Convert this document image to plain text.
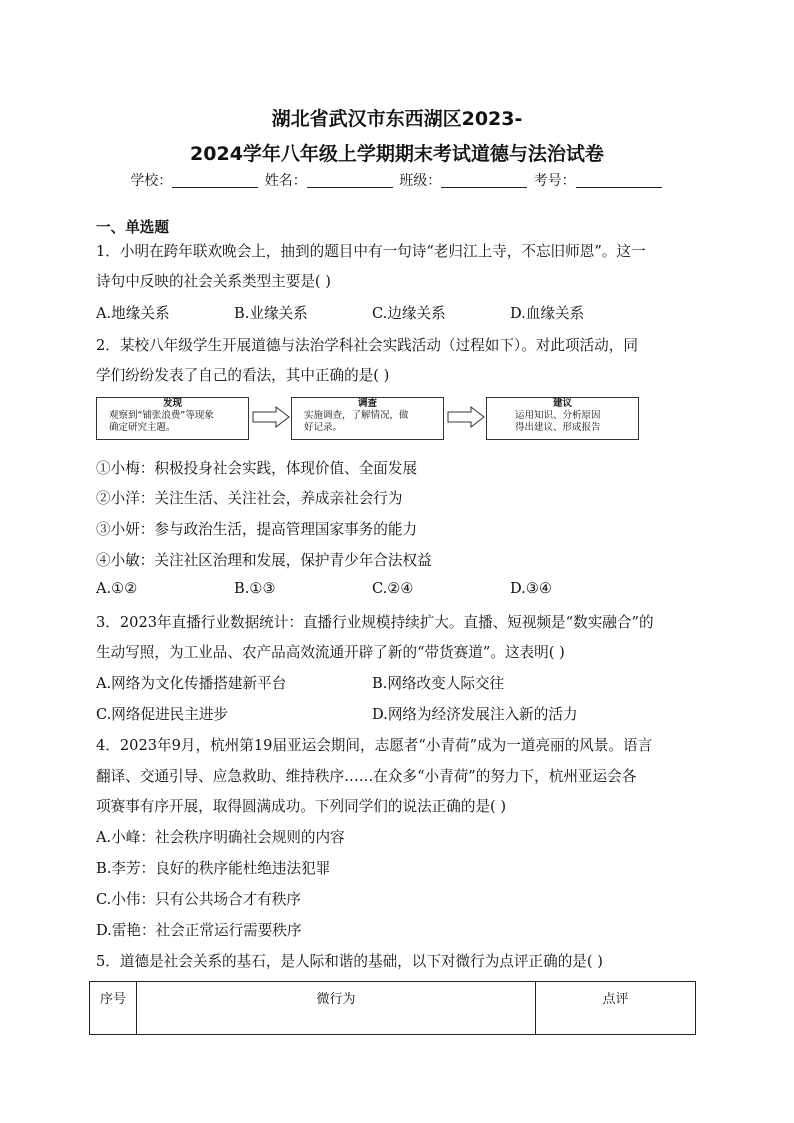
湖北省武汉市东西湖区2023-
2024学年八年级上学期期末考试道德与法治试卷
学校：	姓名：	班级：	考号：
一、单选题
1．小明在跨年联欢晚会上，抽到的题目中有一句诗“老归江上寺，不忘旧师恩”。这一
诗句中反映的社会关系类型主要是( )
A.地缘关系	B.业缘关系	C.边缘关系	D.血缘关系
2．某校八年级学生开展道德与法治学科社会实践活动（过程如下）。对此项活动，同
学们纷纷发表了自己的看法，其中正确的是( )
发现
观察到“铺张浪费”等现象
确定研究主题。
调查
实施调查，了解情况，做
好记录。
建议
运用知识、分析原因
得出建议、形成报告
①小梅：积极投身社会实践，体现价值、全面发展
②小洋：关注生活、关注社会，养成亲社会行为
③小妍：参与政治生活，提高管理国家事务的能力
④小敏：关注社区治理和发展，保护青少年合法权益
A.①②	B.①③	C.②④	D.③④
3．2023年直播行业数据统计：直播行业规模持续扩大。直播、短视频是“数实融合”的
生动写照，为工业品、农产品高效流通开辟了新的“带货赛道”。这表明( )
A.网络为文化传播搭建新平台	B.网络改变人际交往
C.网络促进民主进步	D.网络为经济发展注入新的活力
4．2023年9月，杭州第19届亚运会期间，志愿者“小青荷”成为一道亮丽的风景。语言
翻译、交通引导、应急救助、维持秩序……在众多“小青荷”的努力下，杭州亚运会各
项赛事有序开展，取得圆满成功。下列同学们的说法正确的是( )
A.小峰：社会秩序明确社会规则的内容
B.李芳：良好的秩序能杜绝违法犯罪
C.小伟：只有公共场合才有秩序
D.雷艳：社会正常运行需要秩序
5．道德是社会关系的基石，是人际和谐的基础，以下对微行为点评正确的是( )
序号	微行为	点评
